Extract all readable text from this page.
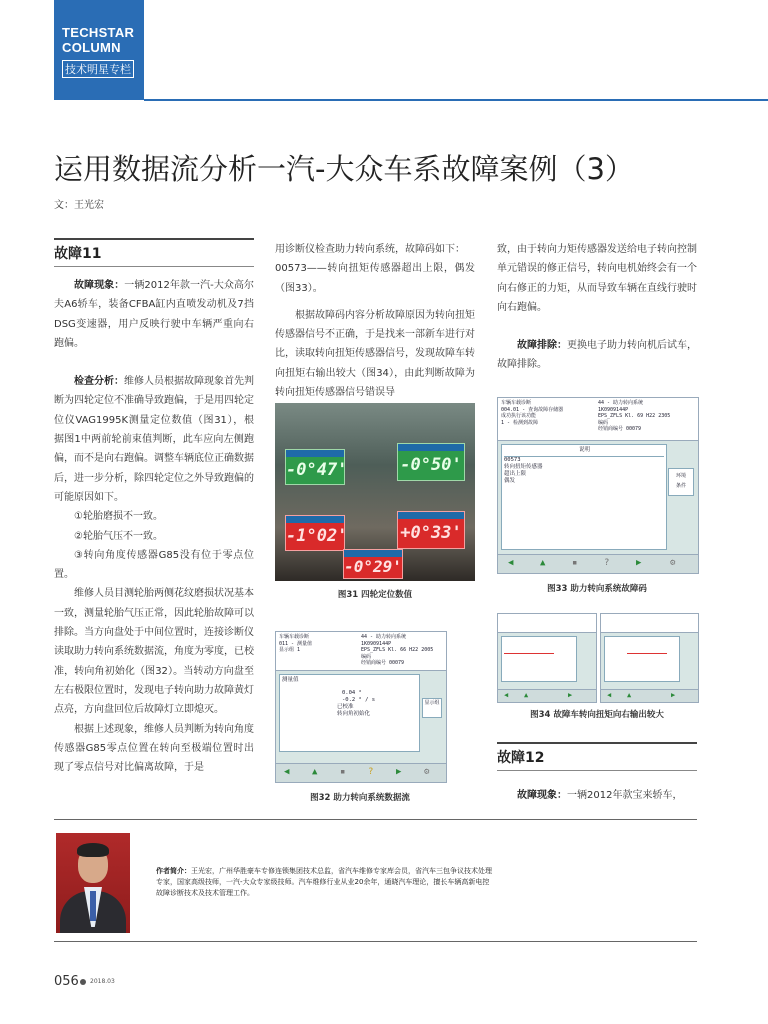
TECHSTAR
COLUMN
技术明星专栏
运用数据流分析一汽-大众车系故障案例（3）
文：王光宏
故障11

故障现象：一辆2012年款一汽-大众高尔夫A6轿车，装备CFBA缸内直喷发动机及7挡DSG变速器，用户反映行驶中车辆严重向右跑偏。

检查分析：维修人员根据故障现象首先判断为四轮定位不准确导致跑偏，于是用四轮定位仪VAG1995K测量定位数值（图31），根据图1中两前轮前束值判断，此车应向左侧跑偏，而不是向右跑偏。调整车辆底位正确数据后，进一步分析，除四轮定位之外导致跑偏的可能原因如下。

①轮胎磨损不一致。

②轮胎气压不一致。

③转向角度传感器G85没有位于零点位置。

维修人员目测轮胎两侧花纹磨损状况基本一致，测量轮胎气压正常，因此轮胎故障可以排除。当方向盘处于中间位置时，连接诊断仪读取助力转向系统数据流，角度为零度，已校准，转向角初始化（图32）。当转动方向盘至左右极限位置时，发现电子转向助力故障黄灯点亮，方向盘回位后故障灯立即熄灭。

根据上述现象，维修人员判断为转向角度传感器G85零点位置在转向至极端位置时出现了零点信号对比偏离故障，于是

用诊断仪检查助力转向系统，故障码如下：

00573——转向扭矩传感器超出上限，偶发（图33）。

根据故障码内容分析故障原因为转向扭矩传感器信号不正确，于是找来一部新车进行对比，读取转向扭矩传感器信号，发现故障车转向扭矩右输出较大（图34），由此判断故障为转向扭矩传感器信号错误导

-0°47'	-0°50'
-1°02'	+0°33'
-0°29'
图31 四轮定位数值
车辆车载诊断
011 - 测量值
显示组 1
44 - 助力转向系统
1K0909144P
EPS_ZFLS Kl. 66 H22 2005
编码
经销商编号 00079
测量值
0.04 °
-0.2 ° / s
已校准
转向角初始化
显示组
◀	▲	▪	?	▶	⚙
图32 助力转向系统数据流

致，由于转向力矩传感器发送给电子转向控制单元错误的修正信号，转向电机始终会有一个向右修正的力矩，从而导致车辆在直线行驶时向右跑偏。

故障排除：更换电子助力转向机后试车，故障排除。

车辆车载诊断
004.01 - 查询故障存储器
成功执行该功能
1 - 检测到故障
44 - 助力转向系统
1K0909144P
EPS_ZFLS Kl. 69 H22 2305
编码
经销商编号 00079
说明
00573
转向扭矩传感器
超出上限
偶发
环境
条件
◀	▲	▪	?	▶	⚙
图33 助力转向系统故障码
◀ ▲	▶	◀ ▲	▶
图34 故障车转向扭矩向右输出较大
故障12

故障现象：一辆2012年款宝来轿车，

作者简介：王光宏，广州华胜豪车专修连锁集团技术总监，省汽车维修专家库会员，省汽车三包争议技术处理专家，国家高级技师，一汽-大众专家级技师。汽车维修行业从业20余年，通晓汽车理论，擅长车辆高新电控故障诊断技术及技术管理工作。
056 2018.03
